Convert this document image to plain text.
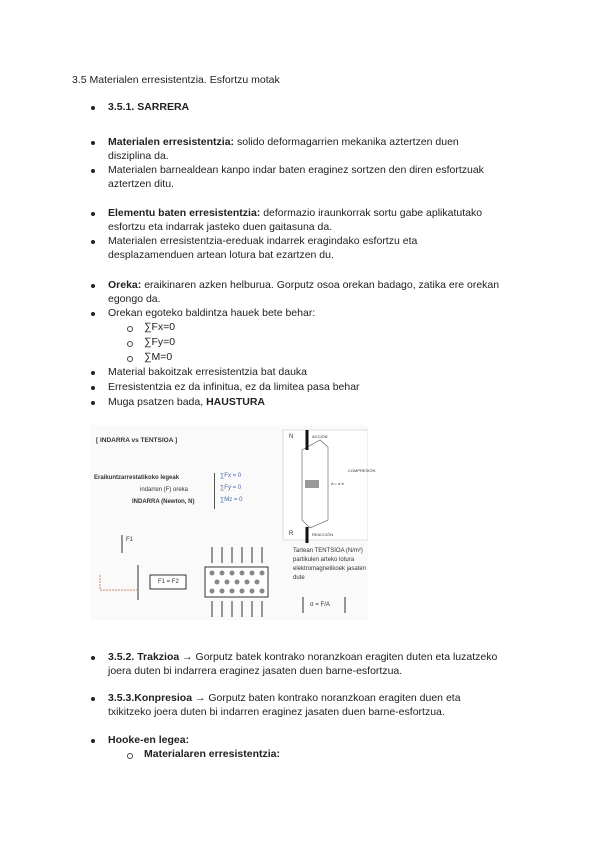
3.5 Materialen erresistentzia. Esfortzu motak
3.5.1. SARRERA
Materialen erresistentzia: solido deformagarrien mekanika aztertzen duen
disziplina da.
Materialen barnealdean kanpo indar baten eraginez sortzen den diren esfortzuak
aztertzen ditu.
Elementu baten erresistentzia: deformazio iraunkorrak sortu gabe aplikatutako
esfortzu eta indarrak jasteko duen gaitasuna da.
Materialen erresistentzia-ereduak indarrek eragindako esfortzu eta
desplazamenduen artean lotura bat ezartzen du.
Oreka: eraikinaren azken helburua. Gorputz osoa orekan badago, zatika ere orekan
egongo da.
Orekan egoteko baldintza hauek bete behar:
∑Fx=0
∑Fy=0
∑M=0
Material bakoitzak erresistentzia bat dauka
Erresistentzia ez da infinitua, ez da limitea pasa behar
Muga psatzen bada, HAUSTURA
[ INDARRA vs TENTSIOA ]
Eraikuntzarrestatikoko legeak
indarren (F) oreka
INDARRA (Newton, N)
∑Fx = 0
∑Fy = 0
∑Mz = 0
F1
F1 = F2
N	ACCIÓN
R	REACCIÓN
A = a·b
COMPRESIÓN
Tartean TENTSIOA (N/m²)
partikulen arteko lotura
elektromagnetikoek jasaten
dute
σ = F/A
3.5.2. Trakzioa → Gorputz batek kontrako noranzkoan eragiten duten eta luzatzeko
joera duten bi indarrera eraginez jasaten duen barne-esfortzua.
3.5.3.Konpresioa → Gorputz baten kontrako noranzkoan eragiten duen eta
txikitzeko joera duten bi indarren eraginez jasaten duen barne-esfortzua.
Hooke-en legea:
Materialaren erresistentzia:
